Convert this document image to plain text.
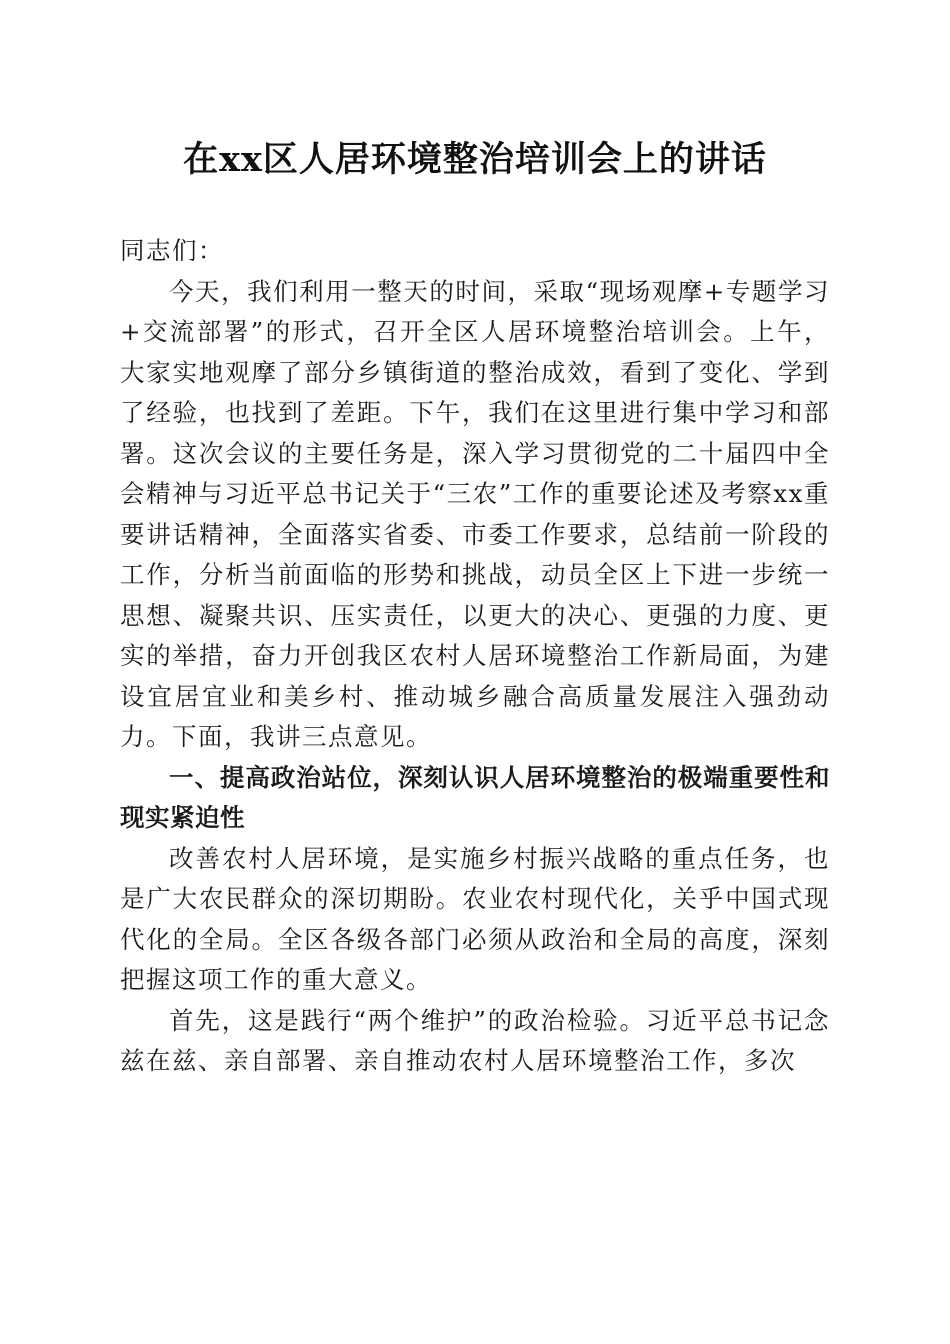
在xx区人居环境整治培训会上的讲话

同志们：

今天，我们利用一整天的时间，采取“现场观摩+专题学习+交流部署”的形式，召开全区人居环境整治培训会。上午，大家实地观摩了部分乡镇街道的整治成效，看到了变化、学到了经验，也找到了差距。下午，我们在这里进行集中学习和部署。这次会议的主要任务是，深入学习贯彻党的二十届四中全会精神与习近平总书记关于“三农”工作的重要论述及考察xx重要讲话精神，全面落实省委、市委工作要求，总结前一阶段的工作，分析当前面临的形势和挑战，动员全区上下进一步统一思想、凝聚共识、压实责任，以更大的决心、更强的力度、更实的举措，奋力开创我区农村人居环境整治工作新局面，为建设宜居宜业和美乡村、推动城乡融合高质量发展注入强劲动力。下面，我讲三点意见。

一、提高政治站位，深刻认识人居环境整治的极端重要性和现实紧迫性

改善农村人居环境，是实施乡村振兴战略的重点任务，也是广大农民群众的深切期盼。农业农村现代化，关乎中国式现代化的全局。全区各级各部门必须从政治和全局的高度，深刻把握这项工作的重大意义。

首先，这是践行“两个维护”的政治检验。习近平总书记念兹在兹、亲自部署、亲自推动农村人居环境整治工作，多次
